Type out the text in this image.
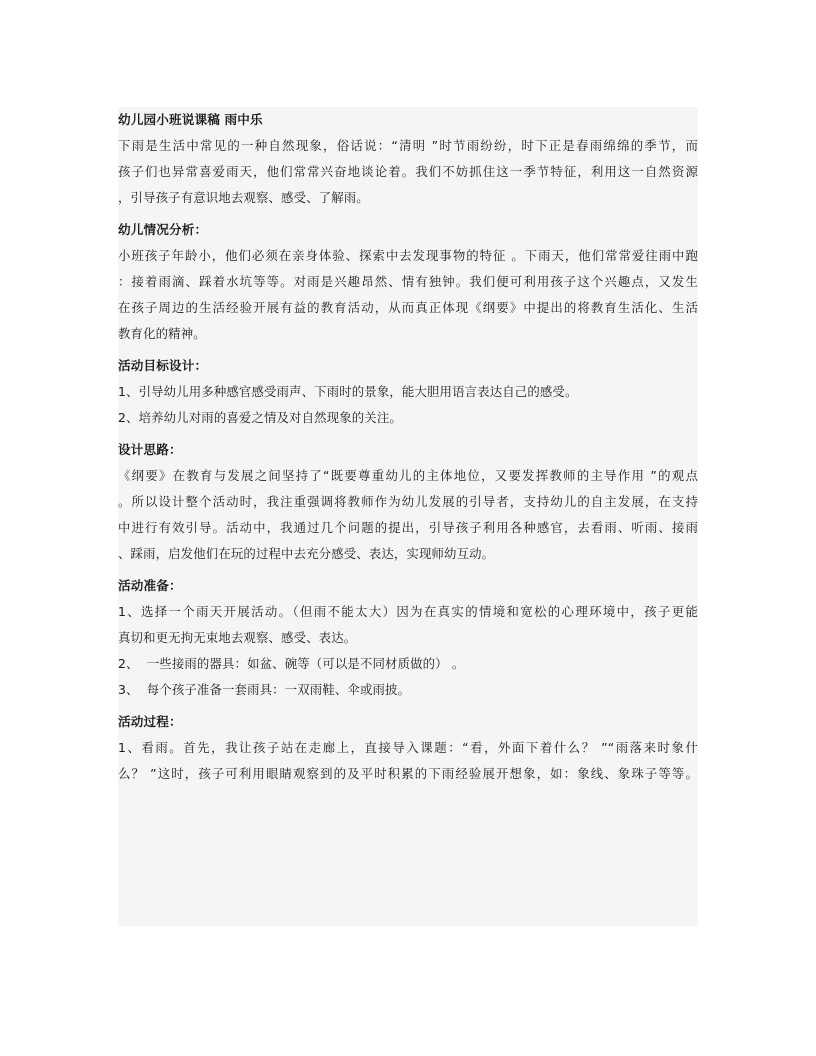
幼儿园小班说课稿 雨中乐
下雨是生活中常见的一种自然现象，俗话说：“清明 ”时节雨纷纷，时下正是春雨绵绵的季节，而
孩子们也异常喜爱雨天，他们常常兴奋地谈论着。我们不妨抓住这一季节特征，利用这一自然资源
，引导孩子有意识地去观察、感受、了解雨。
幼儿情况分析：
小班孩子年龄小，他们必须在亲身体验、探索中去发现事物的特征 。下雨天，他们常常爱往雨中跑
：接着雨滴、踩着水坑等等。对雨是兴趣昂然、情有独钟。我们便可利用孩子这个兴趣点，又发生
在孩子周边的生活经验开展有益的教育活动，从而真正体现《纲要》中提出的将教育生活化、生活
教育化的精神。
活动目标设计：
1、引导幼儿用多种感官感受雨声、下雨时的景象，能大胆用语言表达自己的感受。
2、培养幼儿对雨的喜爱之情及对自然现象的关注。
设计思路：
《纲要》在教育与发展之间坚持了“既要尊重幼儿的主体地位，又要发挥教师的主导作用 ”的观点
。所以设计整个活动时，我注重强调将教师作为幼儿发展的引导者，支持幼儿的自主发展，在支持
中进行有效引导。活动中，我通过几个问题的提出，引导孩子利用各种感官，去看雨、听雨、接雨
、踩雨，启发他们在玩的过程中去充分感受、表达，实现师幼互动。
活动准备：
1、选择一个雨天开展活动。（但雨不能太大）因为在真实的情境和宽松的心理环境中，孩子更能
真切和更无拘无束地去观察、感受、表达。
2、  一些接雨的器具：如盆、碗等（可以是不同材质做的） 。
3、  每个孩子准备一套雨具：一双雨鞋、伞或雨披。
活动过程：
1、看雨。首先，我让孩子站在走廊上，直接导入课题：“看，外面下着什么？ ”“雨落来时象什
么？ ”这时，孩子可利用眼睛观察到的及平时积累的下雨经验展开想象，如：象线、象珠子等等。
